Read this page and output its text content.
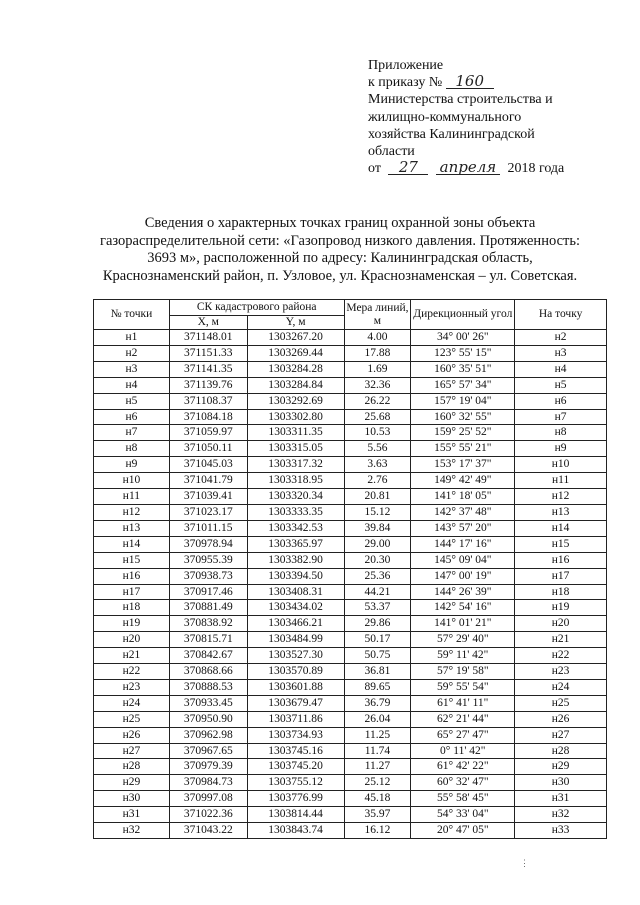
Приложение
к приказу № 160
Министерства строительства и
жилищно-коммунального
хозяйства Калининградской
области
от 27 апреля 2018 года
Сведения о характерных точках границ охранной зоны объекта
газораспределительной сети: «Газопровод низкого давления. Протяженность:
3693 м», расположенной по адресу: Калининградская область,
Краснознаменский район, п. Узловое, ул. Краснознаменская – ул. Советская.
№ точки	СК кадастрового района		Мера линий, м	Дирекционный угол	На точку
	X, м	Y, м			
н1	371148.01	1303267.20	4.00	34° 00' 26"	н2
н2	371151.33	1303269.44	17.88	123° 55' 15"	н3
н3	371141.35	1303284.28	1.69	160° 35' 51"	н4
н4	371139.76	1303284.84	32.36	165° 57' 34"	н5
н5	371108.37	1303292.69	26.22	157° 19' 04"	н6
н6	371084.18	1303302.80	25.68	160° 32' 55"	н7
н7	371059.97	1303311.35	10.53	159° 25' 52"	н8
н8	371050.11	1303315.05	5.56	155° 55' 21"	н9
н9	371045.03	1303317.32	3.63	153° 17' 37"	н10
н10	371041.79	1303318.95	2.76	149° 42' 49"	н11
н11	371039.41	1303320.34	20.81	141° 18' 05"	н12
н12	371023.17	1303333.35	15.12	142° 37' 48"	н13
н13	371011.15	1303342.53	39.84	143° 57' 20"	н14
н14	370978.94	1303365.97	29.00	144° 17' 16"	н15
н15	370955.39	1303382.90	20.30	145° 09' 04"	н16
н16	370938.73	1303394.50	25.36	147° 00' 19"	н17
н17	370917.46	1303408.31	44.21	144° 26' 39"	н18
н18	370881.49	1303434.02	53.37	142° 54' 16"	н19
н19	370838.92	1303466.21	29.86	141° 01' 21"	н20
н20	370815.71	1303484.99	50.17	57° 29' 40"	н21
н21	370842.67	1303527.30	50.75	59° 11' 42"	н22
н22	370868.66	1303570.89	36.81	57° 19' 58"	н23
н23	370888.53	1303601.88	89.65	59° 55' 54"	н24
н24	370933.45	1303679.47	36.79	61° 41' 11"	н25
н25	370950.90	1303711.86	26.04	62° 21' 44"	н26
н26	370962.98	1303734.93	11.25	65° 27' 47"	н27
н27	370967.65	1303745.16	11.74	0° 11' 42"	н28
н28	370979.39	1303745.20	11.27	61° 42' 22"	н29
н29	370984.73	1303755.12	25.12	60° 32' 47"	н30
н30	370997.08	1303776.99	45.18	55° 58' 45"	н31
н31	371022.36	1303814.44	35.97	54° 33' 04"	н32
н32	371043.22	1303843.74	16.12	20° 47' 05"	н33
⋮
